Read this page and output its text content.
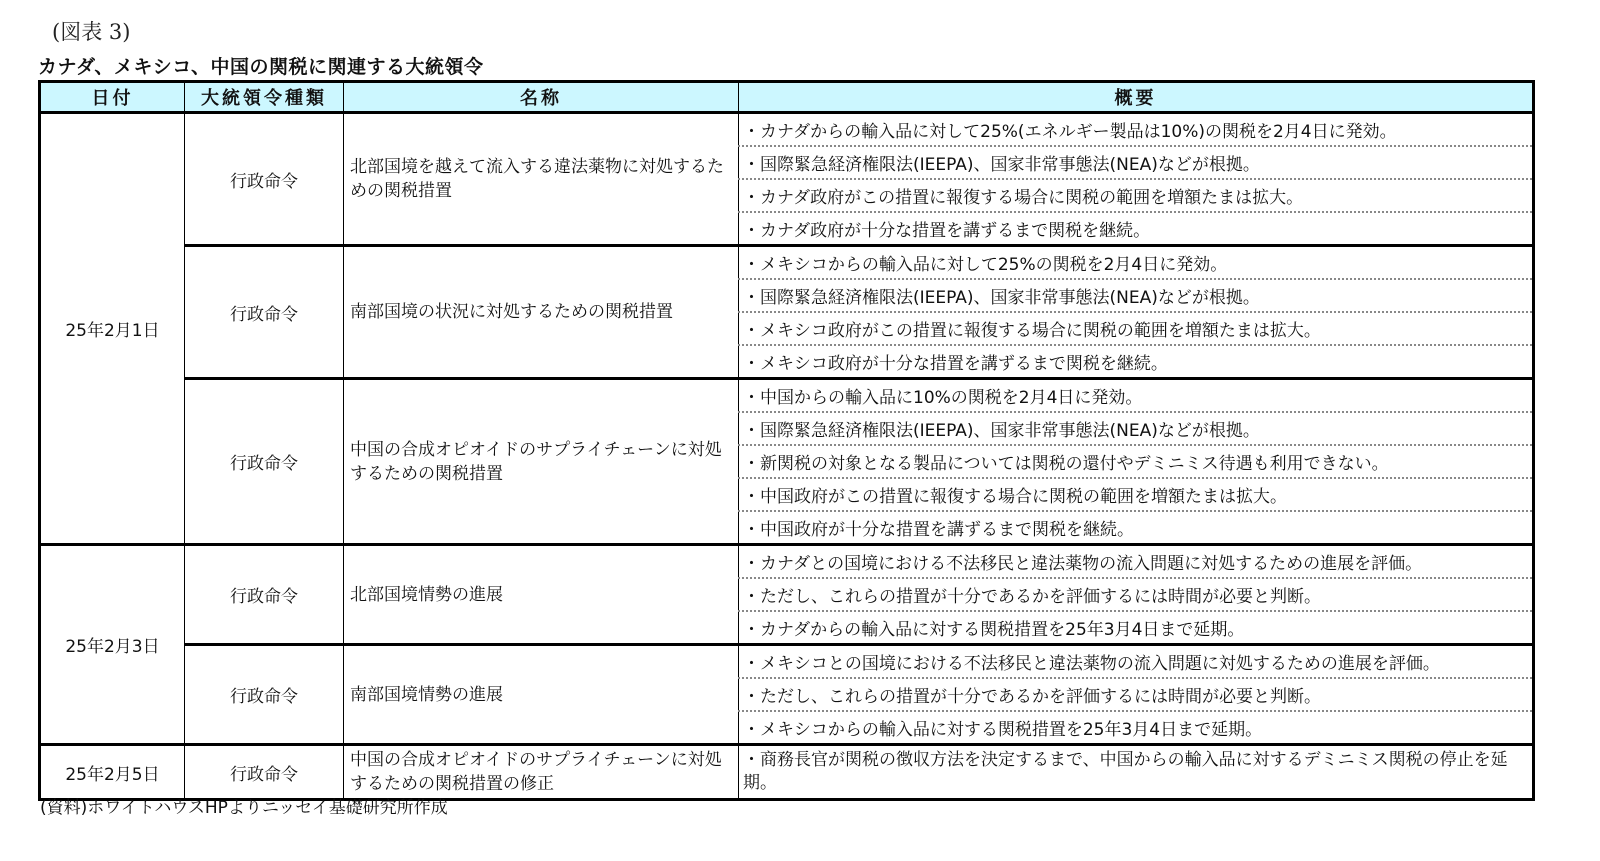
(図表 3)
カナダ、メキシコ、中国の関税に関連する大統領令
日付	大統領令種類	名称	概要
25年2月1日	行政命令	北部国境を越えて流入する違法薬物に対処するための関税措置	・カナダからの輸入品に対して25%(エネルギー製品は10%)の関税を2月4日に発効。
			・国際緊急経済権限法(IEEPA)、国家非常事態法(NEA)などが根拠。
			・カナダ政府がこの措置に報復する場合に関税の範囲を増額たまは拡大。
			・カナダ政府が十分な措置を講ずるまで関税を継続。
	行政命令	南部国境の状況に対処するための関税措置	・メキシコからの輸入品に対して25%の関税を2月4日に発効。
			・国際緊急経済権限法(IEEPA)、国家非常事態法(NEA)などが根拠。
			・メキシコ政府がこの措置に報復する場合に関税の範囲を増額たまは拡大。
			・メキシコ政府が十分な措置を講ずるまで関税を継続。
	行政命令	中国の合成オピオイドのサプライチェーンに対処するための関税措置	・中国からの輸入品に10%の関税を2月4日に発効。
			・国際緊急経済権限法(IEEPA)、国家非常事態法(NEA)などが根拠。
			・新関税の対象となる製品については関税の還付やデミニミス待遇も利用できない。
			・中国政府がこの措置に報復する場合に関税の範囲を増額たまは拡大。
			・中国政府が十分な措置を講ずるまで関税を継続。
25年2月3日	行政命令	北部国境情勢の進展	・カナダとの国境における不法移民と違法薬物の流入問題に対処するための進展を評価。
			・ただし、これらの措置が十分であるかを評価するには時間が必要と判断。
			・カナダからの輸入品に対する関税措置を25年3月4日まで延期。
	行政命令	南部国境情勢の進展	・メキシコとの国境における不法移民と違法薬物の流入問題に対処するための進展を評価。
			・ただし、これらの措置が十分であるかを評価するには時間が必要と判断。
			・メキシコからの輸入品に対する関税措置を25年3月4日まで延期。
25年2月5日	行政命令	中国の合成オピオイドのサプライチェーンに対処するための関税措置の修正	・商務長官が関税の徴収方法を決定するまで、中国からの輸入品に対するデミニミス関税の停止を延期。
(資料)ホワイトハウスHPよりニッセイ基礎研究所作成
